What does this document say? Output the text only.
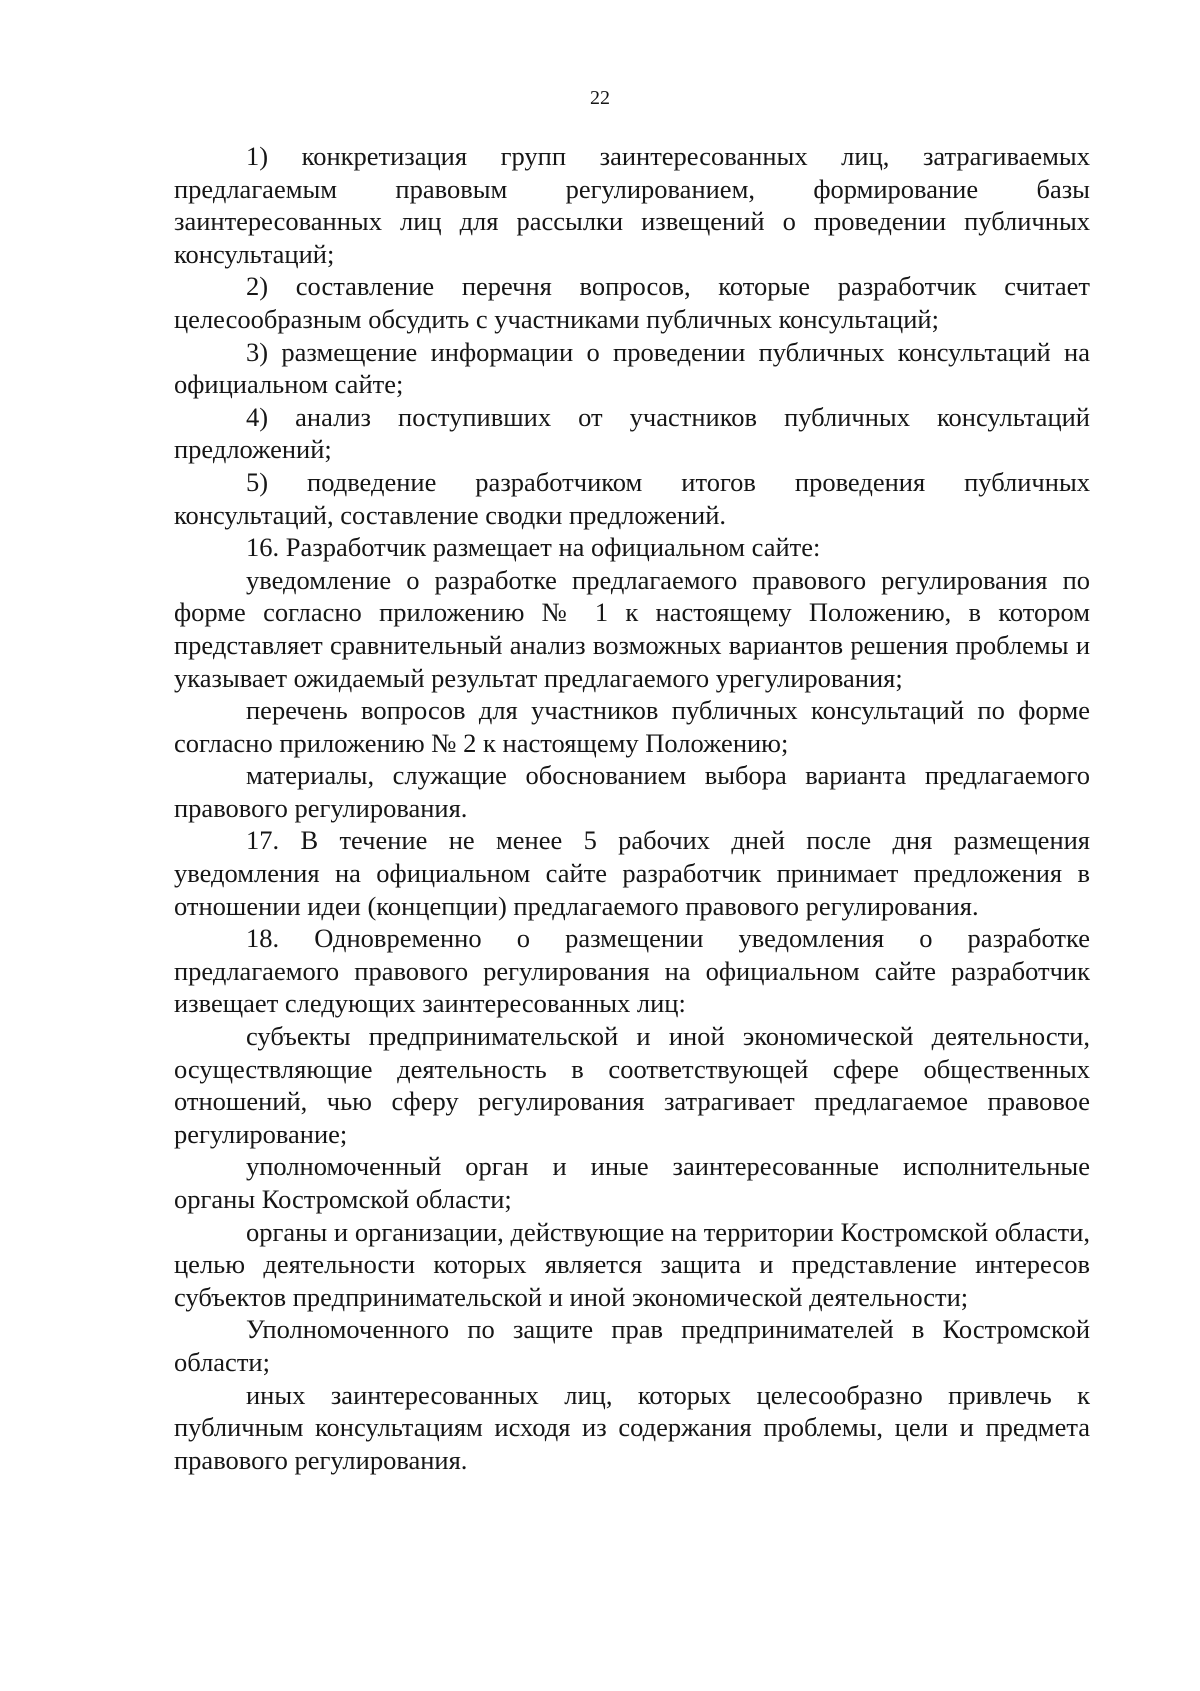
22

1) конкретизация групп заинтересованных лиц, затрагиваемых предлагаемым правовым регулированием, формирование базы заинтересованных лиц для рассылки извещений о проведении публичных консультаций;

2) составление перечня вопросов, которые разработчик считает целесообразным обсудить с участниками публичных консультаций;

3) размещение информации о проведении публичных консультаций на официальном сайте;

4) анализ поступивших от участников публичных консультаций предложений;

5) подведение разработчиком итогов проведения публичных консультаций, составление сводки предложений.

16. Разработчик размещает на официальном сайте:

уведомление о разработке предлагаемого правового регулирования по форме согласно приложению № 1 к настоящему Положению, в котором представляет сравнительный анализ возможных вариантов решения проблемы и указывает ожидаемый результат предлагаемого урегулирования;

перечень вопросов для участников публичных консультаций по форме согласно приложению № 2 к настоящему Положению;

материалы, служащие обоснованием выбора варианта предлагаемого правового регулирования.

17. В течение не менее 5 рабочих дней после дня размещения уведомления на официальном сайте разработчик принимает предложения в отношении идеи (концепции) предлагаемого правового регулирования.

18. Одновременно о размещении уведомления о разработке предлагаемого правового регулирования на официальном сайте разработчик извещает следующих заинтересованных лиц:

субъекты предпринимательской и иной экономической деятельности, осуществляющие деятельность в соответствующей сфере общественных отношений, чью сферу регулирования затрагивает предлагаемое правовое регулирование;

уполномоченный орган и иные заинтересованные исполнительные органы Костромской области;

органы и организации, действующие на территории Костромской области, целью деятельности которых является защита и представление интересов субъектов предпринимательской и иной экономической деятельности;

Уполномоченного по защите прав предпринимателей в Костромской области;

иных заинтересованных лиц, которых целесообразно привлечь к публичным консультациям исходя из содержания проблемы, цели и предмета правового регулирования.
